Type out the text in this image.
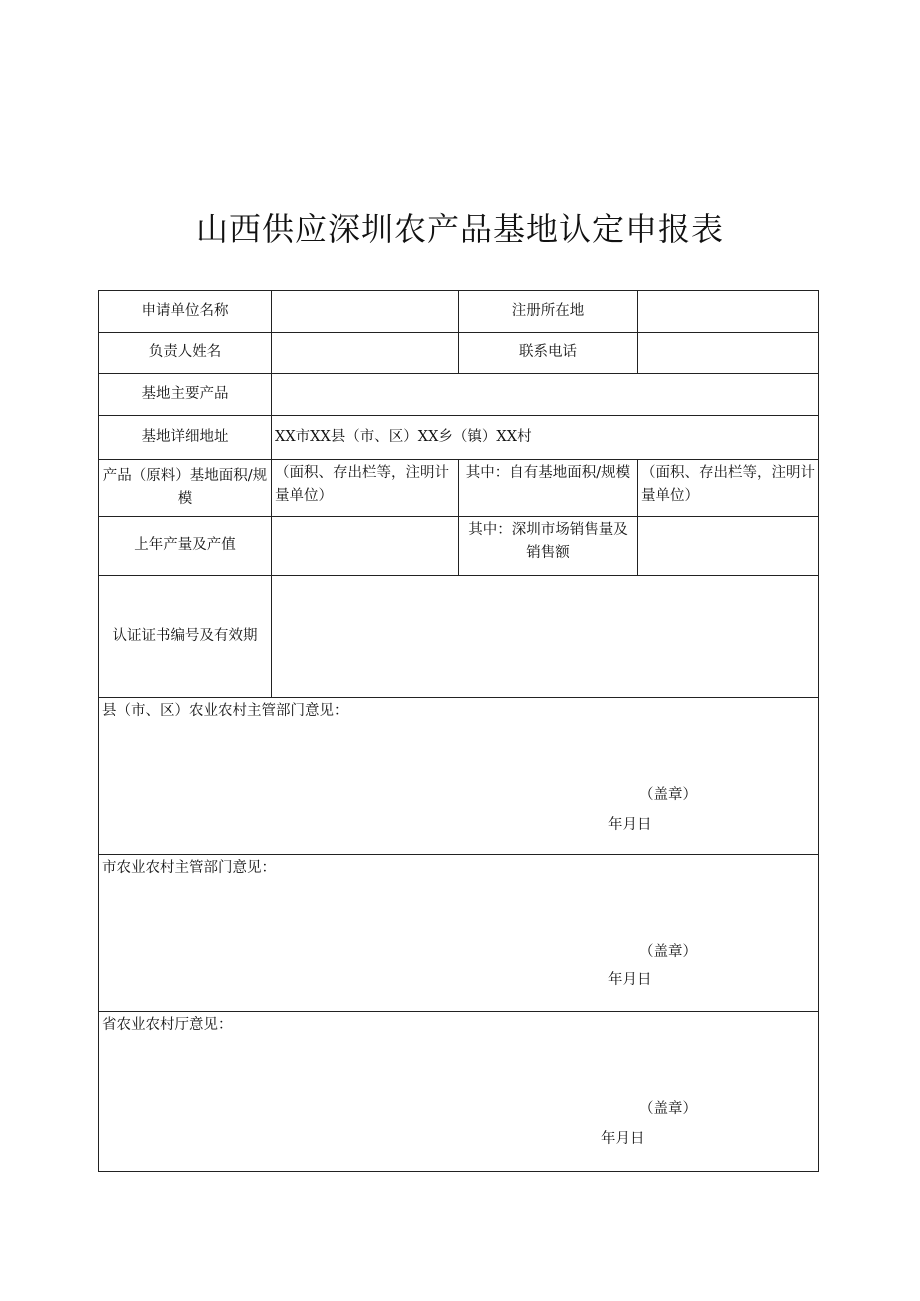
山西供应深圳农产品基地认定申报表
申请单位名称		注册所在地	
负责人姓名		联系电话	
基地主要产品			
基地详细地址	XX市XX县（市、区）XX乡（镇）XX村		
产品（原料）基地面积/规模	（面积、存出栏等，注明计量单位）	其中：自有基地面积/规模	（面积、存出栏等，注明计量单位）
上年产量及产值		其中：深圳市场销售量及销售额	
认证证书编号及有效期			

县（市、区）农业农村主管部门意见：
（盖章）
年月日			

市农业农村主管部门意见：
（盖章）
年月日			

省农业农村厅意见：
（盖章）
年月日			
